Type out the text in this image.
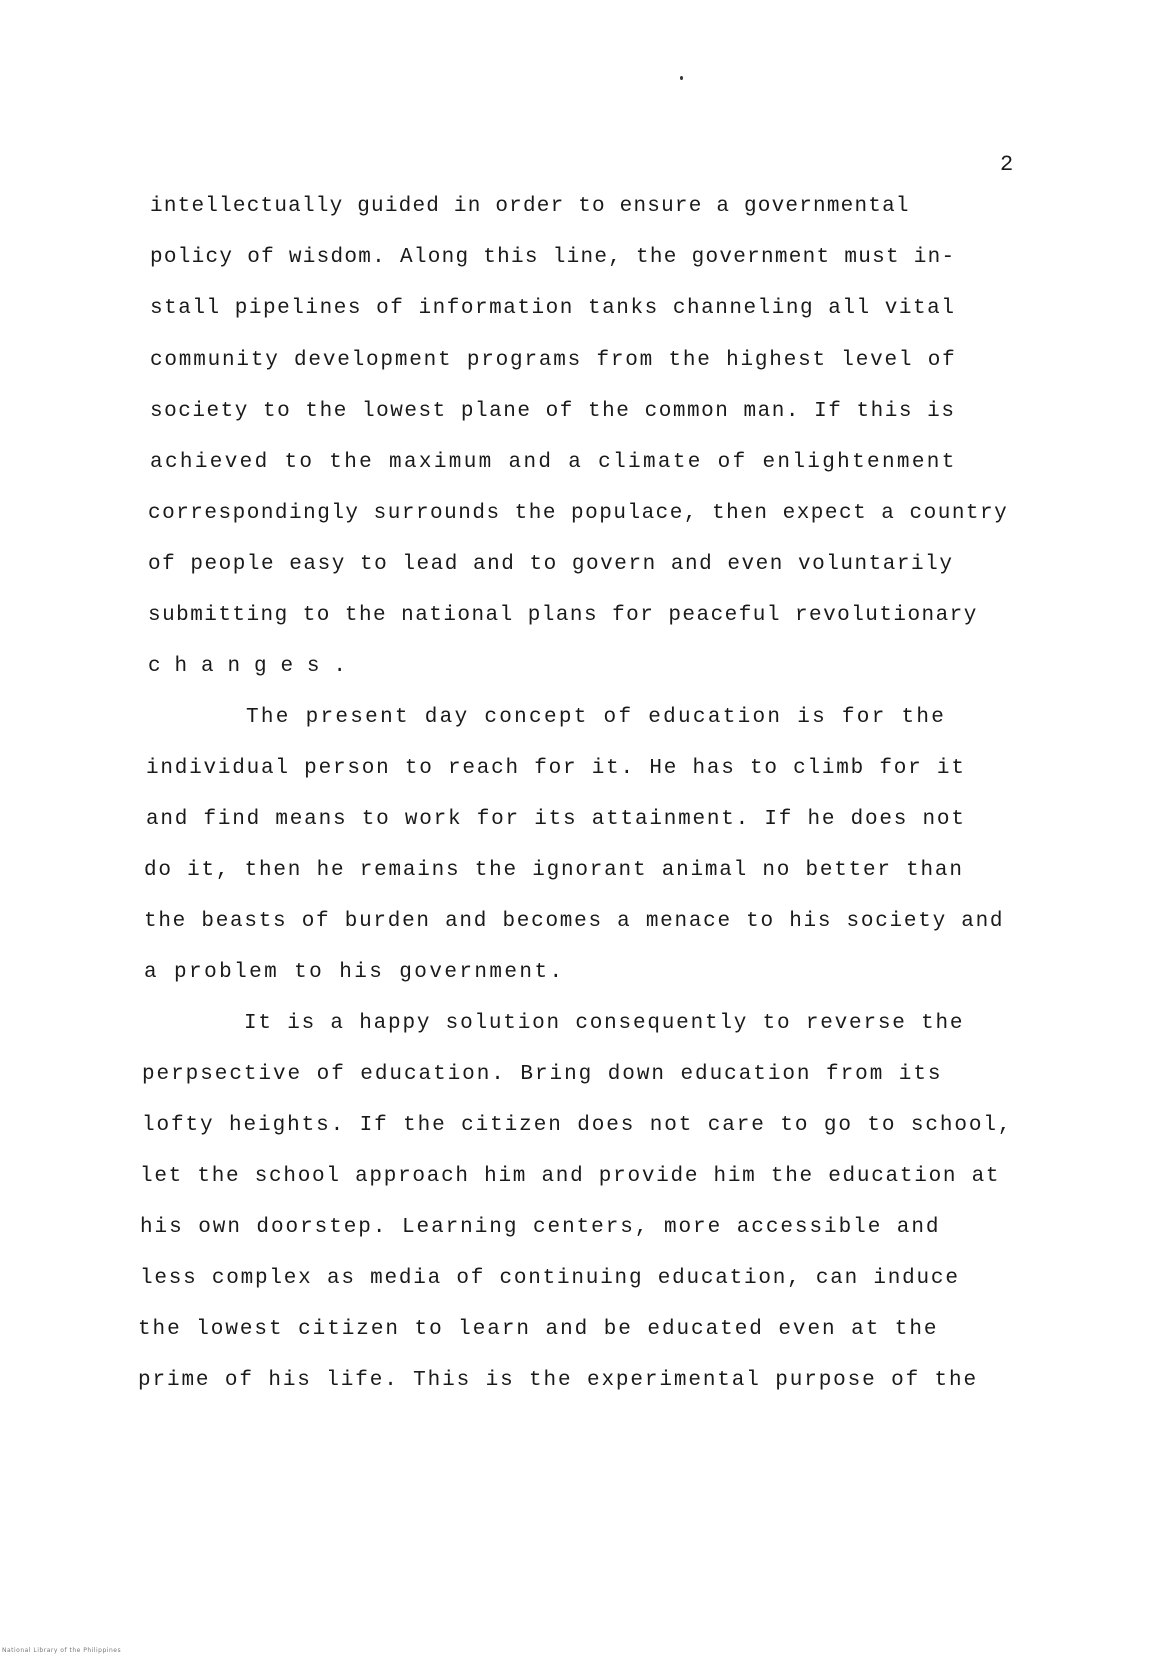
2
intellectually guided in order to ensure a governmental
policy of wisdom. Along this line, the government must in-
stall pipelines of information tanks channeling all vital
community development programs from the highest level of
society to the lowest plane of the common man. If this is
achieved to the maximum and a climate of enlightenment
correspondingly surrounds the populace, then expect a country
of people easy to lead and to govern and even voluntarily
submitting to the national plans for peaceful revolutionary
changes.
The present day concept of education is for the
individual person to reach for it. He has to climb for it
and find means to work for its attainment. If he does not
do it, then he remains the ignorant animal no better than
the beasts of burden and becomes a menace to his society and
a problem to his government.
It is a happy solution consequently to reverse the
perpsective of education. Bring down education from its
lofty heights. If the citizen does not care to go to school,
let the school approach him and provide him the education at
his own doorstep. Learning centers, more accessible and
less complex as media of continuing education, can induce
the lowest citizen to learn and be educated even at the
prime of his life. This is the experimental purpose of the
National Library of the Philippines
